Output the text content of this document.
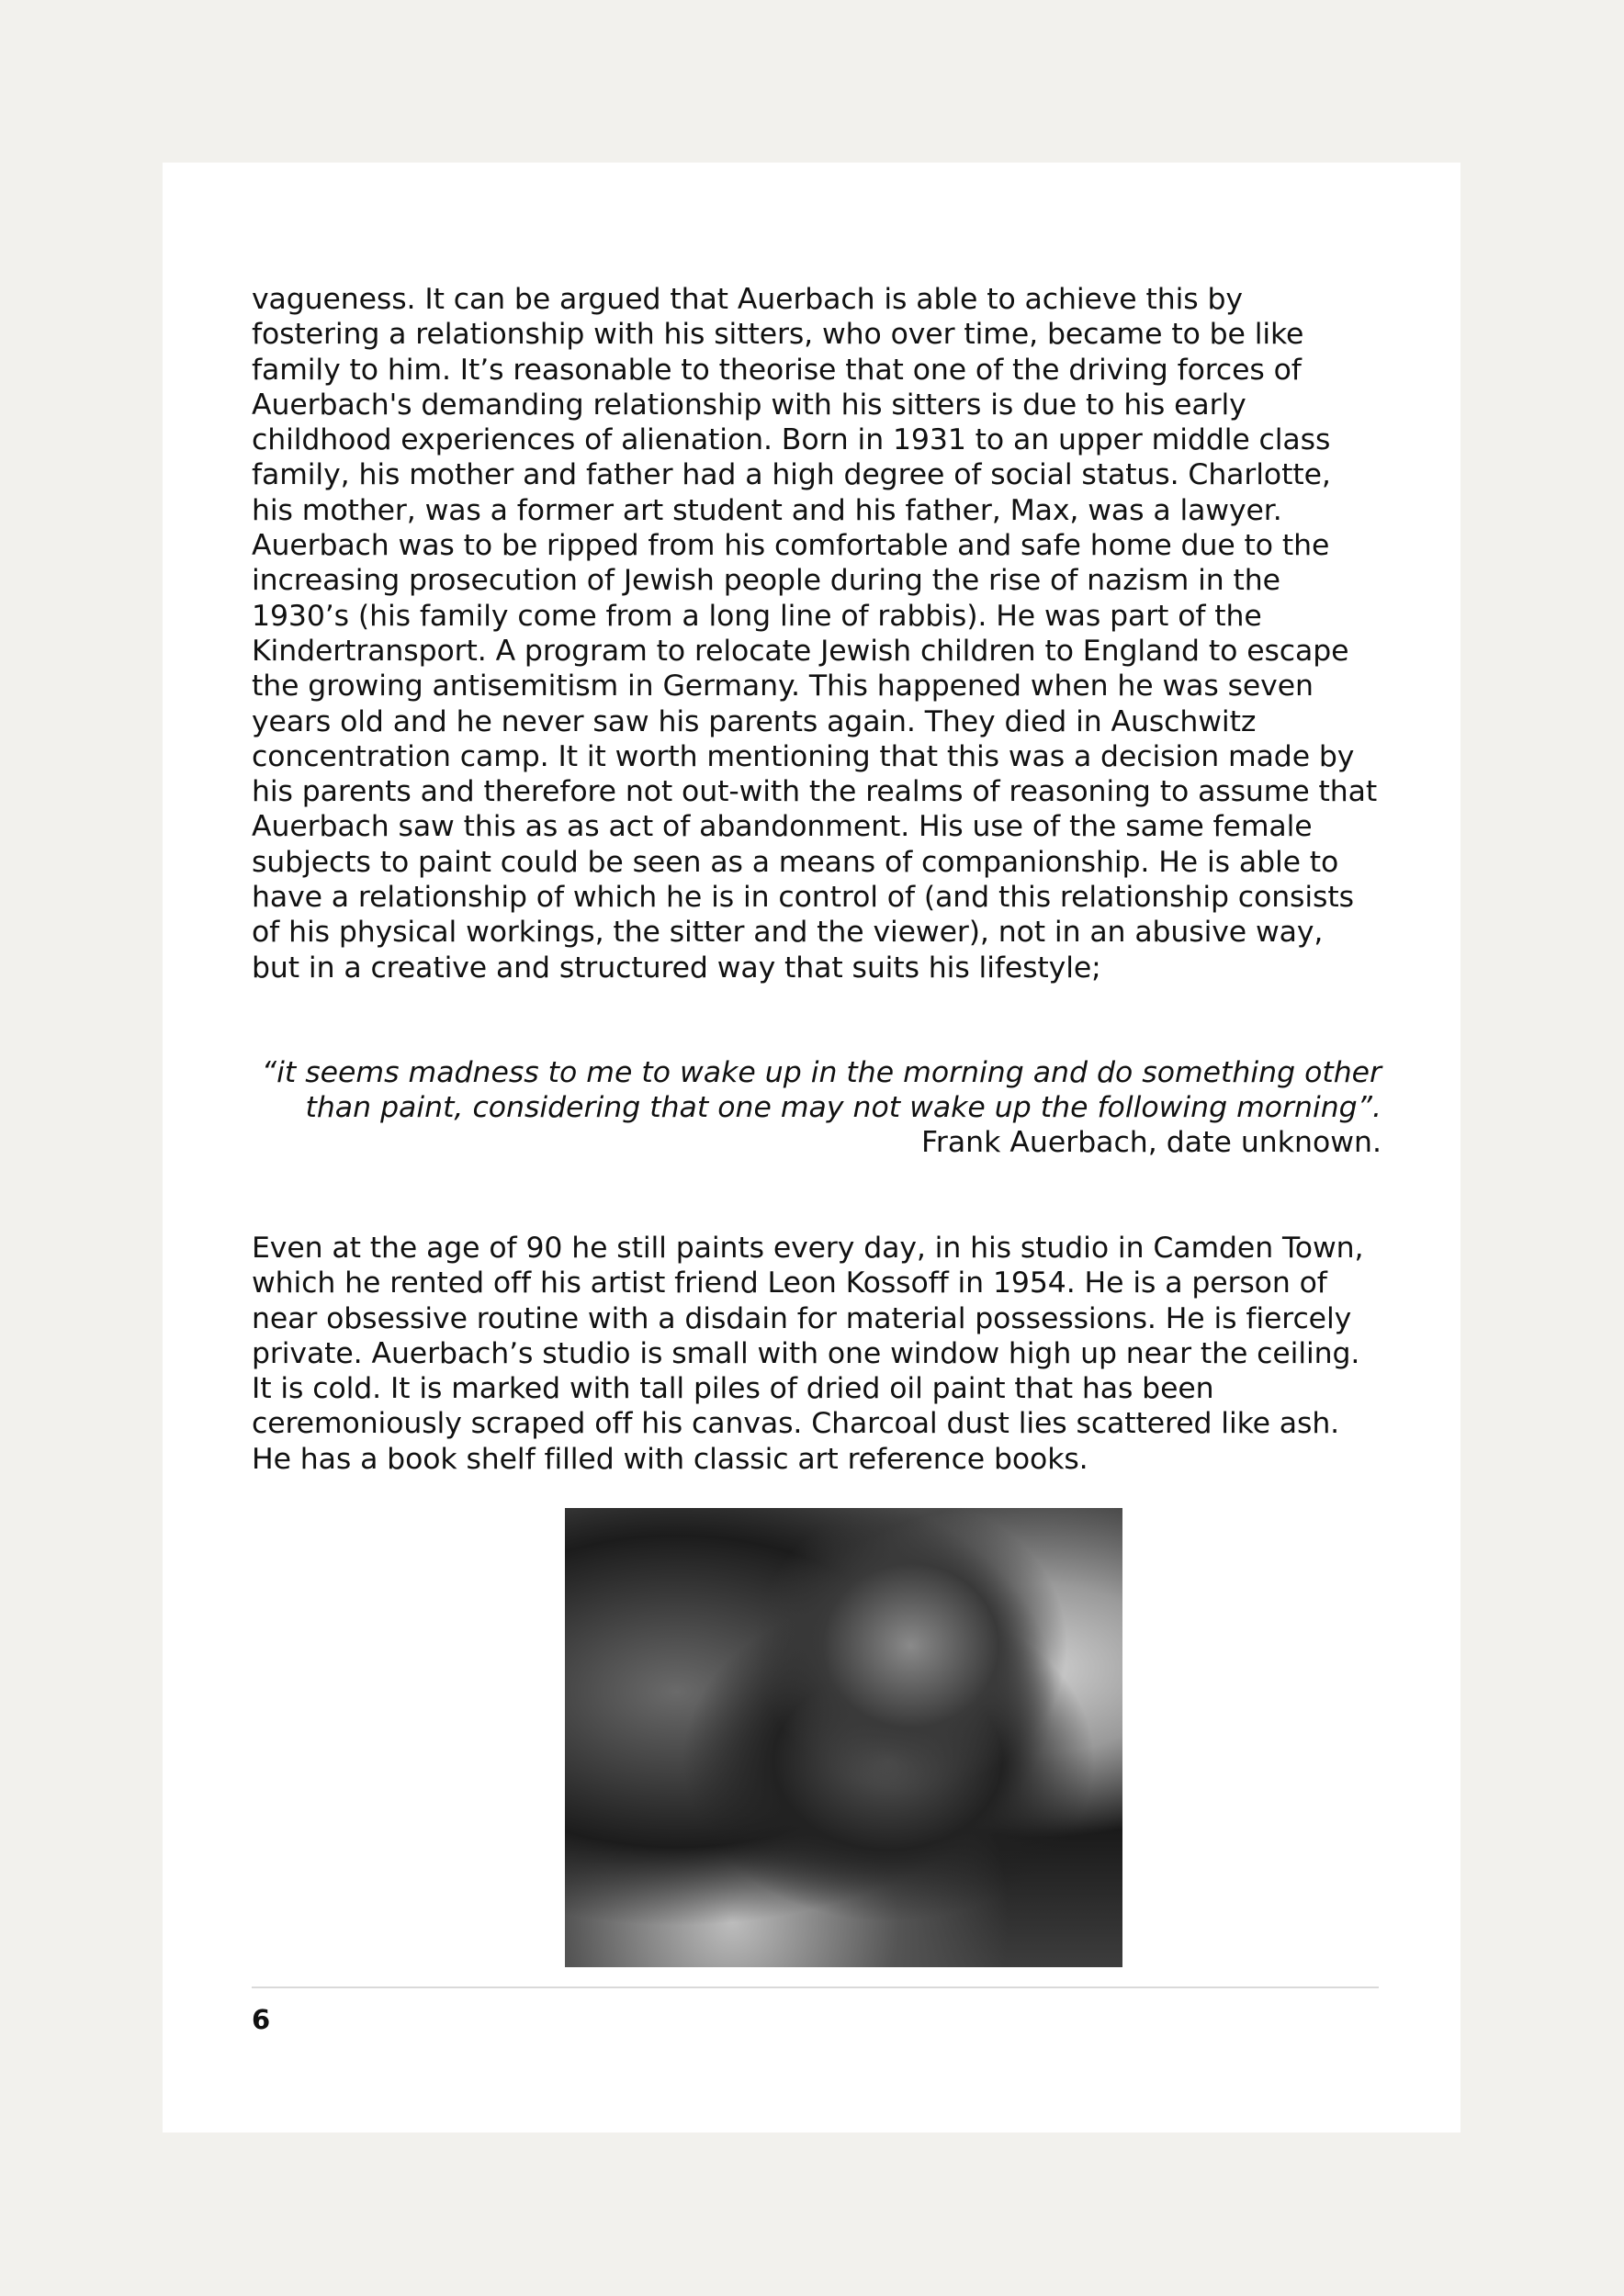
vagueness. It can be argued that Auerbach is able to achieve this by fostering a relationship with his sitters, who over time, became to be like family to him. It’s reasonable to theorise that one of the driving forces of Auerbach's demanding relationship with his sitters is due to his early childhood experiences of alienation. Born in 1931 to an upper middle class family, his mother and father had a high degree of social status. Charlotte, his mother, was a former art student and his father, Max, was a lawyer. Auerbach was to be ripped from his comfortable and safe home due to the increasing prosecution of Jewish people during the rise of nazism in the 1930’s (his family come from a long line of rabbis). He was part of the Kindertransport. A program to relocate Jewish children to England to escape the growing antisemitism in Germany. This happened when he was seven years old and he never saw his parents again. They died in Auschwitz concentration camp. It it worth mentioning that this was a decision made by his parents and therefore not out-with the realms of reasoning to assume that Auerbach saw this as as act of abandonment. His use of the same female subjects to paint could be seen as a means of companionship. He is able to have a relationship of which he is in control of (and this relationship consists of his physical workings, the sitter and the viewer), not in an abusive way, but in a creative and structured way that suits his lifestyle;

“it seems madness to me to wake up in the morning and do something other than paint, considering that one may not wake up the following morning”.
Frank Auerbach, date unknown.

Even at the age of 90 he still paints every day, in his studio in Camden Town, which he rented off his artist friend Leon Kossoff in 1954. He is a person of near obsessive routine with a disdain for material possessions. He is fiercely private. Auerbach’s studio is small with one window high up near the ceiling. It is cold. It is marked with tall piles of dried oil paint that has been ceremoniously scraped off his canvas. Charcoal dust lies scattered like ash. He has a book shelf filled with classic art reference books.

6
